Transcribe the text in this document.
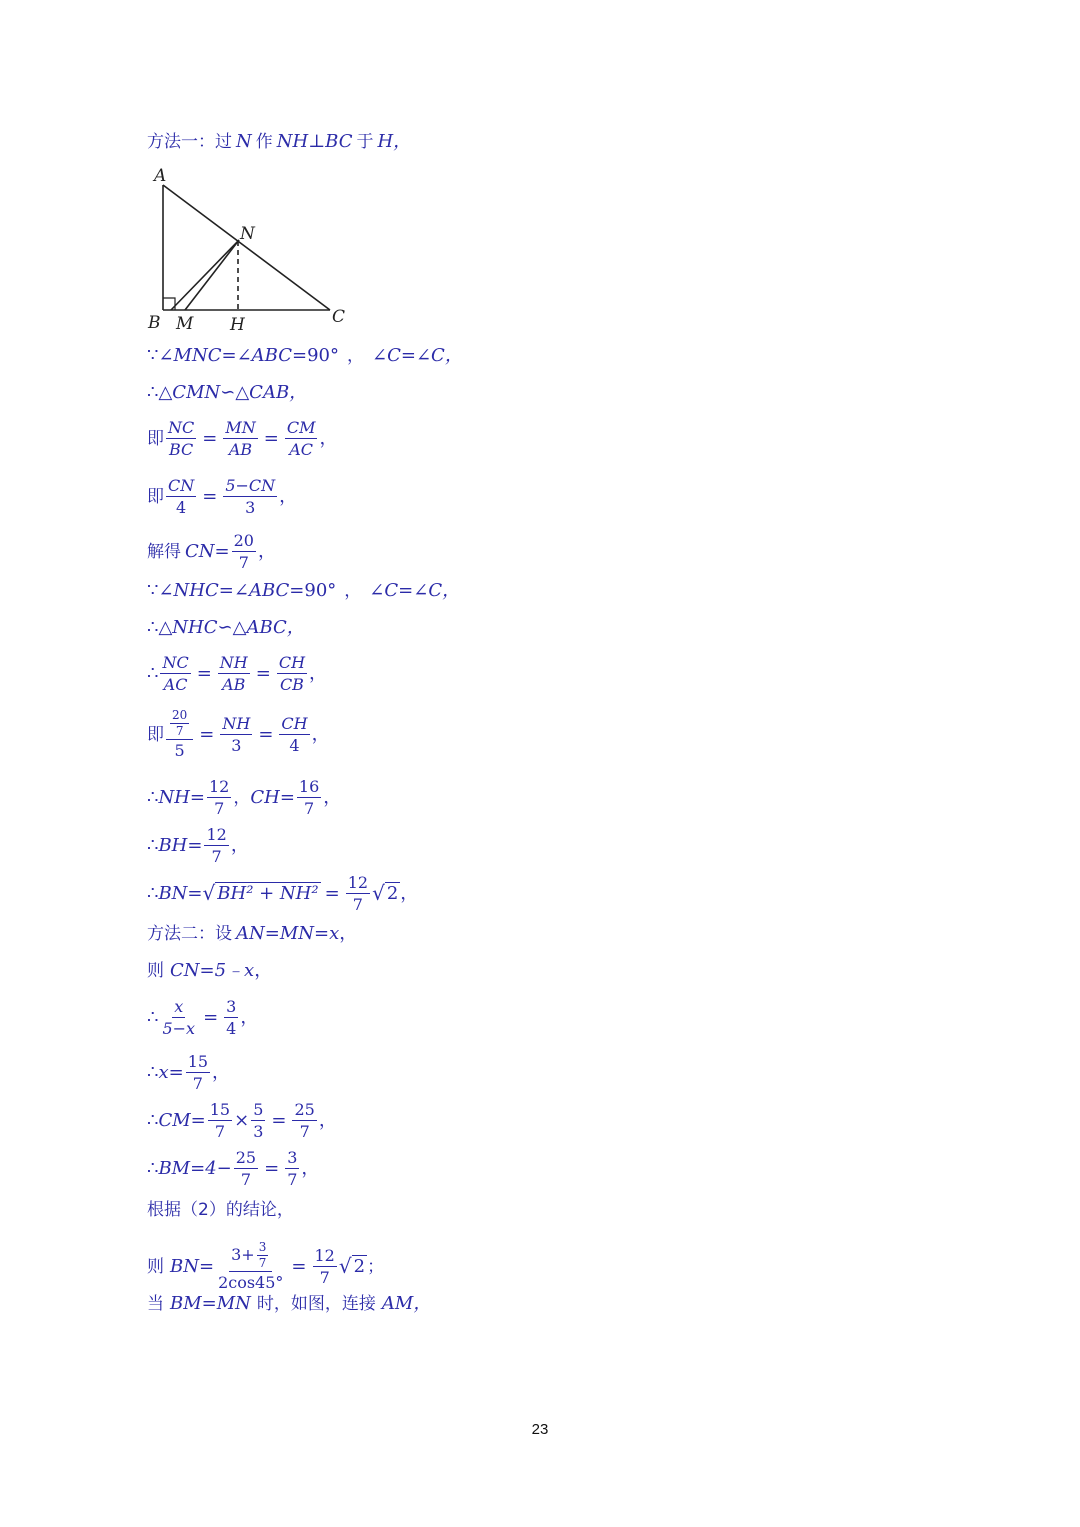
方法一：过 N 作 NH ⊥ BC 于 H，
A
N
B M H	C
∵ ∠MNC = ∠ABC =90° ， ∠C = ∠C，
∴ △CMN∽△CAB，
即 $\frac{NC}{BC} = \frac{MN}{AB} = \frac{CM}{AC}$ ，
即 $\frac{CN}{4} = \frac{5-CN}{3}$ ，
解得 $CN= \frac{20}{7}$ ，
∵ ∠NHC = ∠ABC =90° ， ∠C = ∠C，
∴ △NHC∽△ABC，
∴ $\frac{NC}{AC} = \frac{NH}{AB} = \frac{CH}{CB}$ ，
即 $\frac{\frac{20}{7}}{5} = \frac{NH}{3} = \frac{CH}{4}$ ，
∴ $NH= \frac{12}{7}$ ， $CH= \frac{16}{7}$ ，
∴ $BH= \frac{12}{7}$ ，
∴ BN= √ $BH^2 + NH^2 = \frac{12}{7}$ √ 2 ，
方法二：设 AN=MN=x ，
则 CN=5﹣x ，
∴ $\frac{x}{5-x} = \frac{3}{4}$ ，
∴ $x= \frac{15}{7}$ ，
∴ $CM= \frac{15}{7} \times \frac{5}{3} = \frac{25}{7}$ ，
∴ $BM=4- \frac{25}{7} = \frac{3}{7}$ ，
根据（2）的结论，
则 $BN= \frac{3+ \frac{3}{7}}{2\cos 45^\circ} = \frac{12}{7}$ √ 2 ；
当 BM=MN 时，如图，连接 AM，
23
